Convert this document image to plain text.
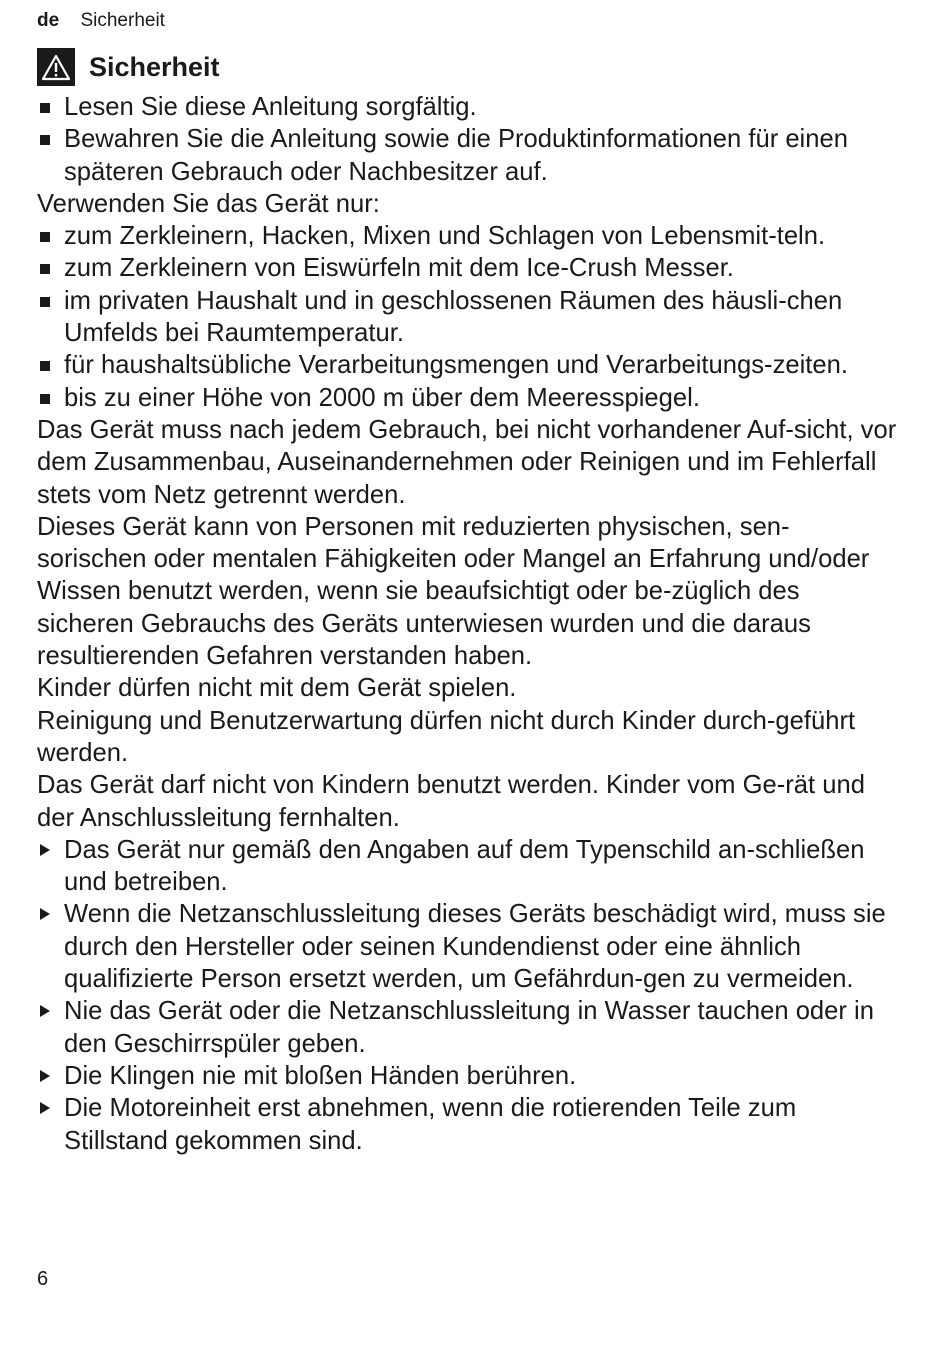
de Sicherheit
Sicherheit
Lesen Sie diese Anleitung sorgfältig.
Bewahren Sie die Anleitung sowie die Produktinformationen für einen späteren Gebrauch oder Nachbesitzer auf.

Verwenden Sie das Gerät nur:

zum Zerkleinern, Hacken, Mixen und Schlagen von Lebensmit-teln.
zum Zerkleinern von Eiswürfeln mit dem Ice-Crush Messer.
im privaten Haushalt und in geschlossenen Räumen des häusli-chen Umfelds bei Raumtemperatur.
für haushaltsübliche Verarbeitungsmengen und Verarbeitungs-zeiten.
bis zu einer Höhe von 2000 m über dem Meeresspiegel.

Das Gerät muss nach jedem Gebrauch, bei nicht vorhandener Auf-sicht, vor dem Zusammenbau, Auseinandernehmen oder Reinigen und im Fehlerfall stets vom Netz getrennt werden.

Dieses Gerät kann von Personen mit reduzierten physischen, sen-sorischen oder mentalen Fähigkeiten oder Mangel an Erfahrung und/oder Wissen benutzt werden, wenn sie beaufsichtigt oder be-züglich des sicheren Gebrauchs des Geräts unterwiesen wurden und die daraus resultierenden Gefahren verstanden haben.

Kinder dürfen nicht mit dem Gerät spielen.

Reinigung und Benutzerwartung dürfen nicht durch Kinder durch-geführt werden.

Das Gerät darf nicht von Kindern benutzt werden. Kinder vom Ge-rät und der Anschlussleitung fernhalten.

Das Gerät nur gemäß den Angaben auf dem Typenschild an-schließen und betreiben.
Wenn die Netzanschlussleitung dieses Geräts beschädigt wird, muss sie durch den Hersteller oder seinen Kundendienst oder eine ähnlich qualifizierte Person ersetzt werden, um Gefährdun-gen zu vermeiden.
Nie das Gerät oder die Netzanschlussleitung in Wasser tauchen oder in den Geschirrspüler geben.
Die Klingen nie mit bloßen Händen berühren.
Die Motoreinheit erst abnehmen, wenn die rotierenden Teile zum Stillstand gekommen sind.
6
